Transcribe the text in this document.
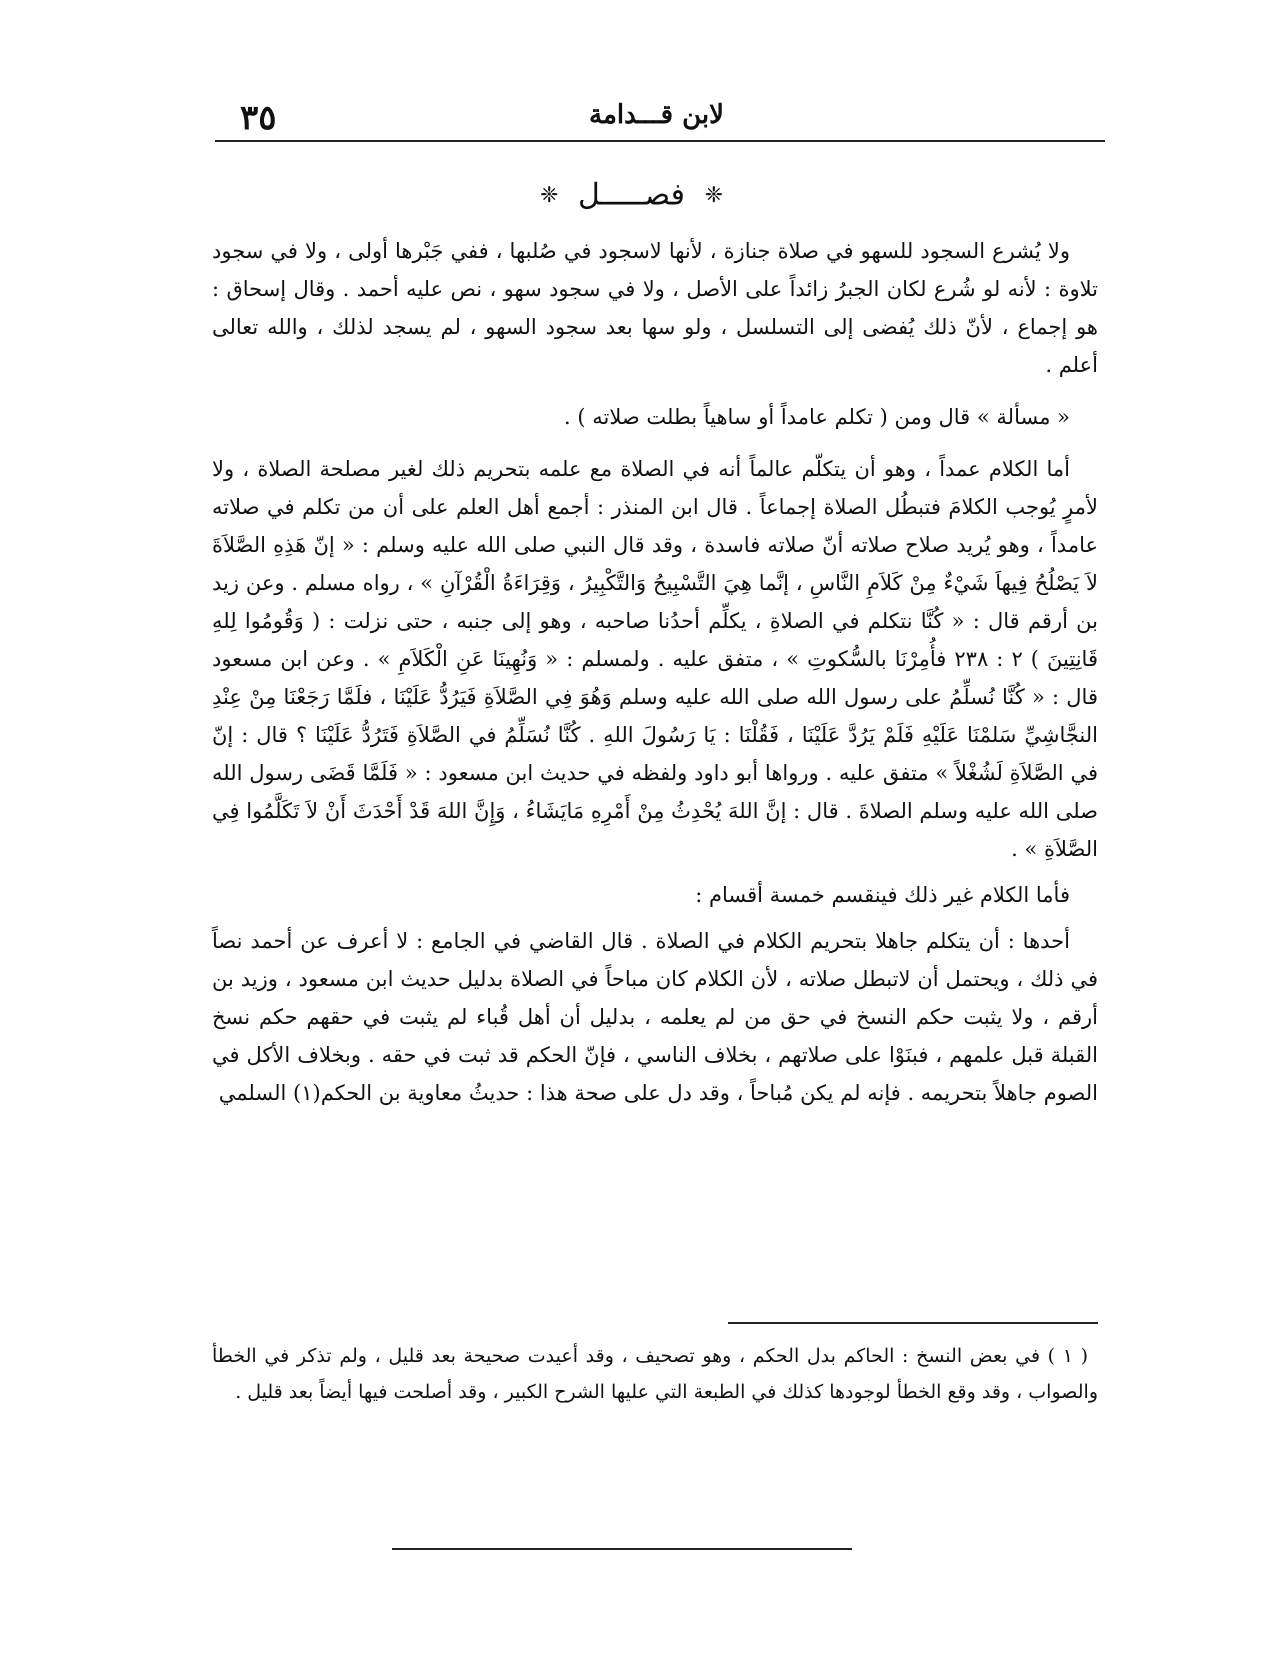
٣٥	لابن قـــدامة
❈ فصـــــل ❈

ولا يُشرع السجود للسهو في صلاة جنازة ، لأنها لاسجود في صُلبها ، ففي جَبْرها أولى ، ولا في سجود تلاوة : لأنه لو شُرع لكان الجبرُ زائداً على الأصل ، ولا في سجود سهو ، نص عليه أحمد . وقال إسحاق : هو إجماع ، لأنّ ذلك يُفضى إلى التسلسل ، ولو سها بعد سجود السهو ، لم يسجد لذلك ، والله تعالى أعلم .

« مسألة » قال ومن ( تكلم عامداً أو ساهياً بطلت صلاته ) .

أما الكلام عمداً ، وهو أن يتكلّم عالماً أنه في الصلاة مع علمه بتحريم ذلك لغير مصلحة الصلاة ، ولا لأمرٍ يُوجب الكلامَ فتبطُل الصلاة إجماعاً . قال ابن المنذر : أجمع أهل العلم على أن من تكلم في صلاته عامداً ، وهو يُريد صلاح صلاته أنّ صلاته فاسدة ، وقد قال النبي صلى الله عليه وسلم : « إنّ هَذِهِ الصَّلاَةَ لاَ يَصْلُحُ فِيهاَ شَيْءٌ مِنْ كَلاَمِ النَّاسِ ، إنَّما هِيَ التَّسْبِيحُ وَالتَّكْبِيرُ ، وَقِرَاءَةُ الْقُرْآنِ » ، رواه مسلم . وعن زيد بن أرقم قال : « كُنَّا نتكلم في الصلاةِ ، يكلِّم أحدُنا صاحبه ، وهو إلى جنبه ، حتى نزلت : ( وَقُومُوا لِلهِ قَانِتِينَ ) ٢ : ٢٣٨ فأُمِرْنَا بالسُّكوتِ » ، متفق عليه . ولمسلم : « وَنُهِينَا عَنِ الْكَلاَمِ » . وعن ابن مسعود قال : « كُنَّا نُسلِّمُ على رسول الله صلى الله عليه وسلم وَهُوَ فِي الصَّلاَةِ فَيَرُدُّ عَلَيْنَا ، فلَمَّا رَجَعْنَا مِنْ عِنْدِ النجَّاشِيِّ سَلمْنَا عَلَيْهِ فَلَمْ يَرُدَّ عَلَيْنَا ، فَقُلْنَا : يَا رَسُولَ اللهِ . كُنَّا نُسَلِّمُ في الصَّلاَةِ فَتَرُدُّ عَلَيْنَا ؟ قال : إنّ في الصَّلاَةِ لَشُغْلاً » متفق عليه . ورواها أبو داود ولفظه في حديث ابن مسعود : « فَلَمَّا قَضَى رسول الله صلى الله عليه وسلم الصلاةَ . قال : إنَّ اللهَ يُحْدِثُ مِنْ أَمْرِهِ مَايَشَاءُ ، وَإِنَّ اللهَ قَدْ أَحْدَثَ أَنْ لاَ تَكَلَّمُوا فِي الصَّلاَةِ » .

فأما الكلام غير ذلك فينقسم خمسة أقسام :

أحدها : أن يتكلم جاهلا بتحريم الكلام في الصلاة . قال القاضي في الجامع : لا أعرف عن أحمد نصاً في ذلك ، ويحتمل أن لاتبطل صلاته ، لأن الكلام كان مباحاً في الصلاة بدليل حديث ابن مسعود ، وزيد بن أرقم ، ولا يثبت حكم النسخ في حق من لم يعلمه ، بدليل أن أهل قُباء لم يثبت في حقهم حكم نسخ القبلة قبل علمهم ، فبنَوْا على صلاتهم ، بخلاف الناسي ، فإنّ الحكم قد ثبت في حقه . وبخلاف الأكل في الصوم جاهلاً بتحريمه . فإنه لم يكن مُباحاً ، وقد دل على صحة هذا : حديثُ معاوية بن الحكم(١) السلمي

( ١ ) في بعض النسخ : الحاكم بدل الحكم ، وهو تصحيف ، وقد أعيدت صحيحة بعد قليل ، ولم تذكر في الخطأ والصواب ، وقد وقع الخطأ لوجودها كذلك في الطبعة التي عليها الشرح الكبير ، وقد أصلحت فيها أيضاً بعد قليل .
